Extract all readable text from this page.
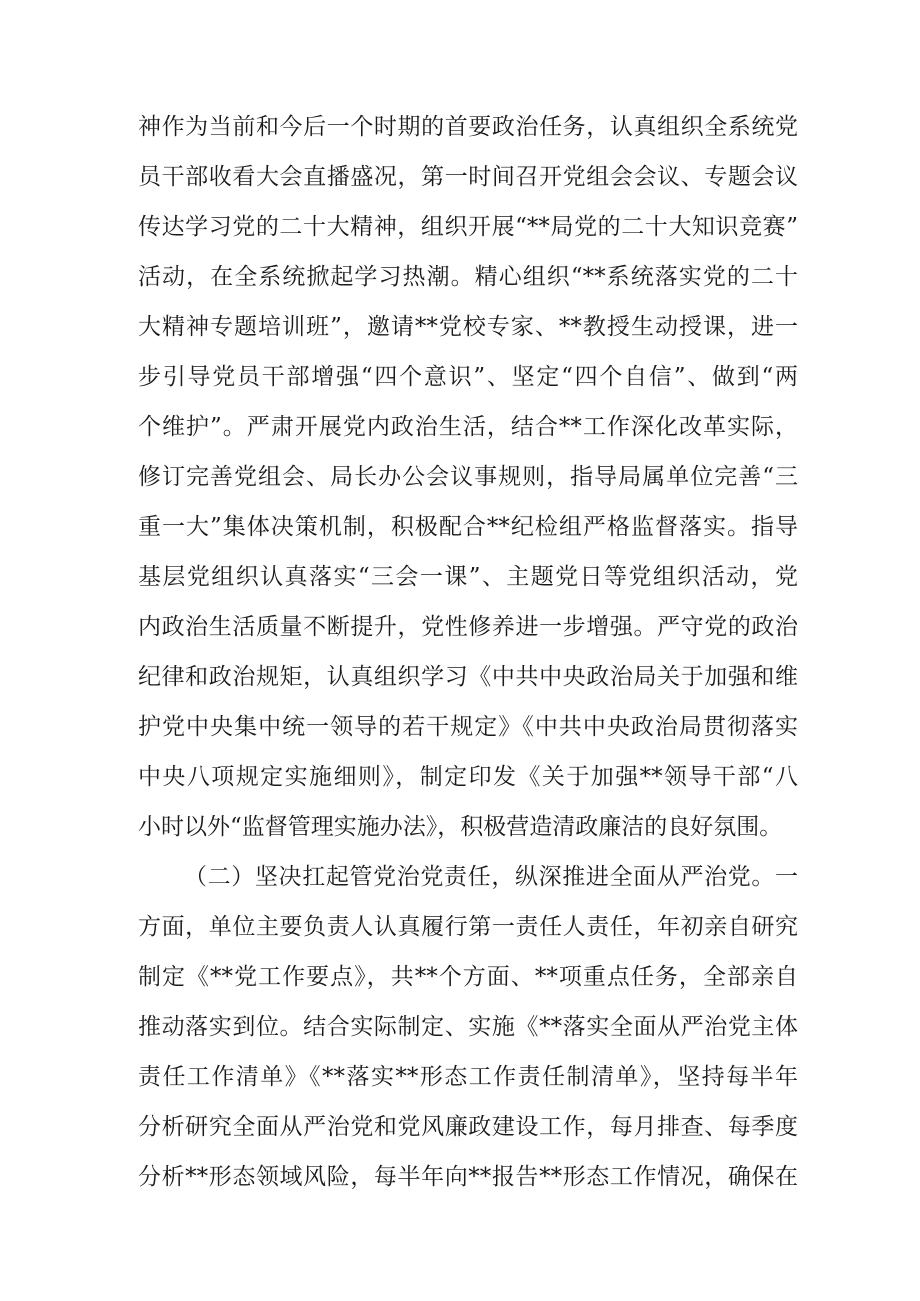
神作为当前和今后一个时期的首要政治任务，认真组织全系统党
员干部收看大会直播盛况，第一时间召开党组会会议、专题会议
传达学习党的二十大精神，组织开展“**局党的二十大知识竞赛”
活动，在全系统掀起学习热潮。精心组织“**系统落实党的二十
大精神专题培训班”，邀请**党校专家、**教授生动授课，进一
步引导党员干部增强“四个意识”、坚定“四个自信”、做到“两
个维护”。严肃开展党内政治生活，结合**工作深化改革实际，
修订完善党组会、局长办公会议事规则，指导局属单位完善“三
重一大”集体决策机制，积极配合**纪检组严格监督落实。指导
基层党组织认真落实“三会一课”、主题党日等党组织活动，党
内政治生活质量不断提升，党性修养进一步增强。严守党的政治
纪律和政治规矩，认真组织学习《中共中央政治局关于加强和维
护党中央集中统一领导的若干规定》《中共中央政治局贯彻落实
中央八项规定实施细则》，制定印发《关于加强**领导干部“八
小时以外“监督管理实施办法》，积极营造清政廉洁的良好氛围。
（二）坚决扛起管党治党责任，纵深推进全面从严治党。一
方面，单位主要负责人认真履行第一责任人责任，年初亲自研究
制定《**党工作要点》，共**个方面、**项重点任务，全部亲自
推动落实到位。结合实际制定、实施《**落实全面从严治党主体
责任工作清单》《**落实**形态工作责任制清单》，坚持每半年
分析研究全面从严治党和党风廉政建设工作，每月排查、每季度
分析**形态领域风险，每半年向**报告**形态工作情况，确保在
